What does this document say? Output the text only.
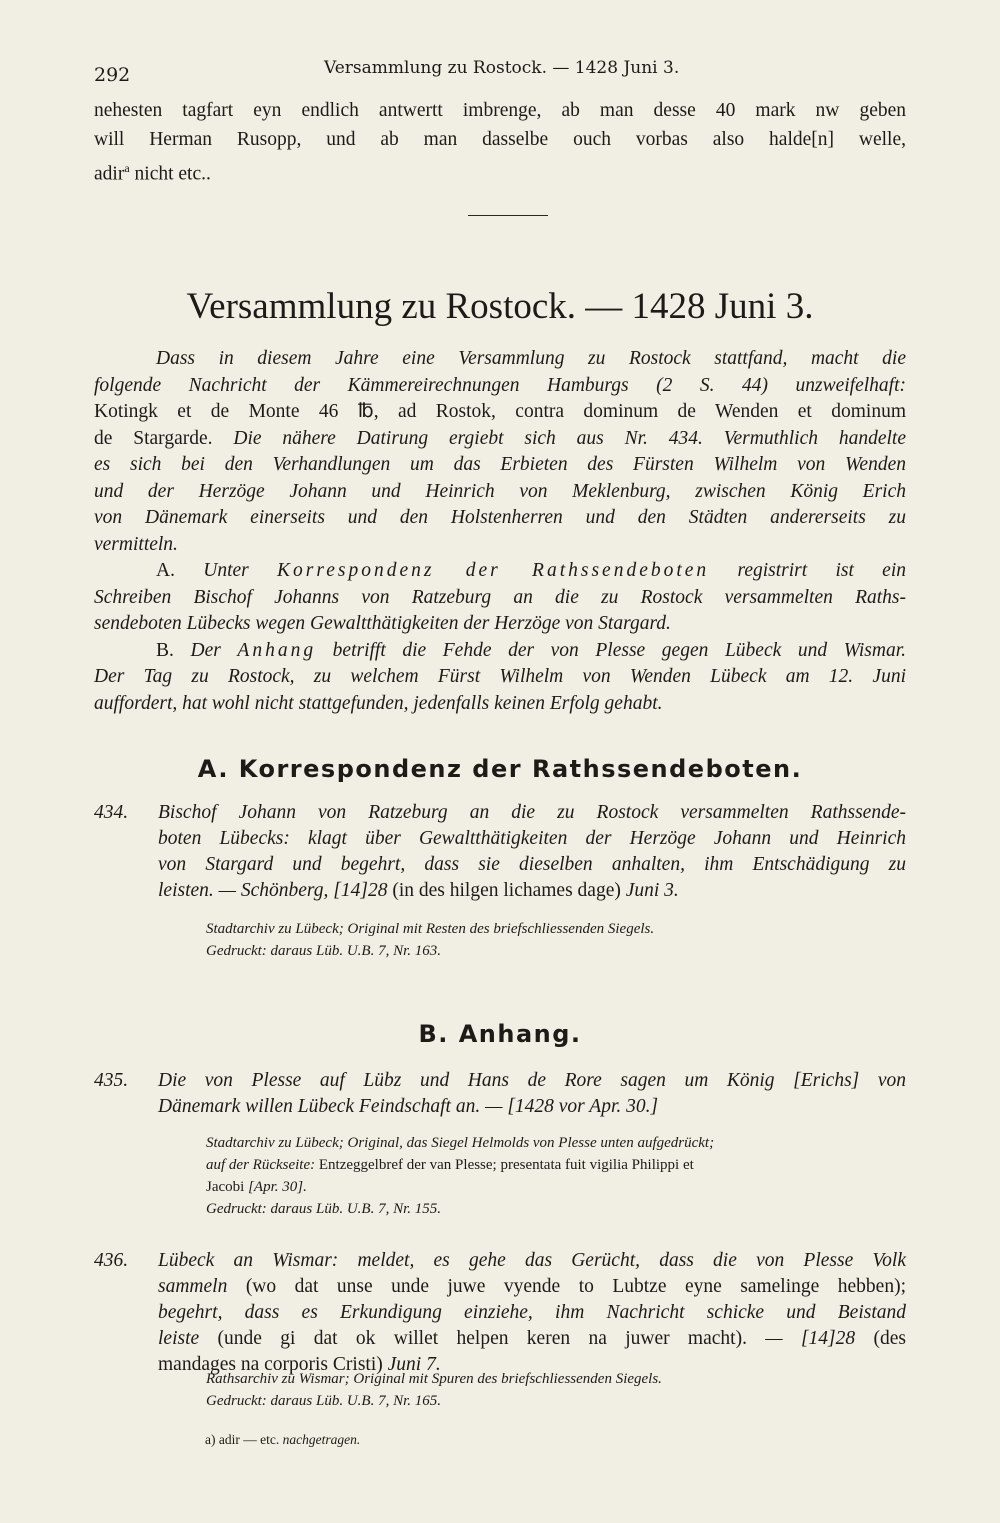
292	Versammlung zu Rostock. — 1428 Juni 3.
nehesten tagfart eyn endlich antwertt imbrenge, ab man desse 40 mark nw geben
will Herman Rusopp, und ab man dasselbe ouch vorbas also halde[n] welle,
adir$^a$ nicht etc..
Versammlung zu Rostock. — 1428 Juni 3.
Dass in diesem Jahre eine Versammlung zu Rostock stattfand, macht die
folgende Nachricht der Kämmereirechnungen Hamburgs (2 S. 44) unzweifelhaft:
Kotingk et de Monte 46 ℔, ad Rostok, contra dominum de Wenden et dominum
de Stargarde. Die nähere Datirung ergiebt sich aus Nr. 434. Vermuthlich handelte
es sich bei den Verhandlungen um das Erbieten des Fürsten Wilhelm von Wenden
und der Herzöge Johann und Heinrich von Meklenburg, zwischen König Erich
von Dänemark einerseits und den Holstenherren und den Städten andererseits zu
vermitteln.
A. Unter Korrespondenz der Rathssendeboten registrirt ist ein
Schreiben Bischof Johanns von Ratzeburg an die zu Rostock versammelten Raths-
sendeboten Lübecks wegen Gewaltthätigkeiten der Herzöge von Stargard.
B. Der Anhang betrifft die Fehde der von Plesse gegen Lübeck und Wismar.
Der Tag zu Rostock, zu welchem Fürst Wilhelm von Wenden Lübeck am 12. Juni
auffordert, hat wohl nicht stattgefunden, jedenfalls keinen Erfolg gehabt.
A. Korrespondenz der Rathssendeboten.
434. Bischof Johann von Ratzeburg an die zu Rostock versammelten Rathssende-
boten Lübecks: klagt über Gewaltthätigkeiten der Herzöge Johann und Heinrich
von Stargard und begehrt, dass sie dieselben anhalten, ihm Entschädigung zu
leisten. — Schönberg, [14]28 (in des hilgen lichames dage) Juni 3.
Stadtarchiv zu Lübeck; Original mit Resten des briefschliessenden Siegels.
Gedruckt: daraus Lüb. U.B. 7, Nr. 163.
B. Anhang.
435. Die von Plesse auf Lübz und Hans de Rore sagen um König [Erichs] von
Dänemark willen Lübeck Feindschaft an. — [1428 vor Apr. 30.]
Stadtarchiv zu Lübeck; Original, das Siegel Helmolds von Plesse unten aufgedrückt;
auf der Rückseite: Entzeggelbref der van Plesse; presentata fuit vigilia Philippi et
Jacobi [Apr. 30].
Gedruckt: daraus Lüb. U.B. 7, Nr. 155.
436. Lübeck an Wismar: meldet, es gehe das Gerücht, dass die von Plesse Volk
sammeln (wo dat unse unde juwe vyende to Lubtze eyne samelinge hebben);
begehrt, dass es Erkundigung einziehe, ihm Nachricht schicke und Beistand
leiste (unde gi dat ok willet helpen keren na juwer macht). — [14]28 (des
mandages na corporis Cristi) Juni 7.
Rathsarchiv zu Wismar; Original mit Spuren des briefschliessenden Siegels.
Gedruckt: daraus Lüb. U.B. 7, Nr. 165.
a) adir — etc. nachgetragen.
